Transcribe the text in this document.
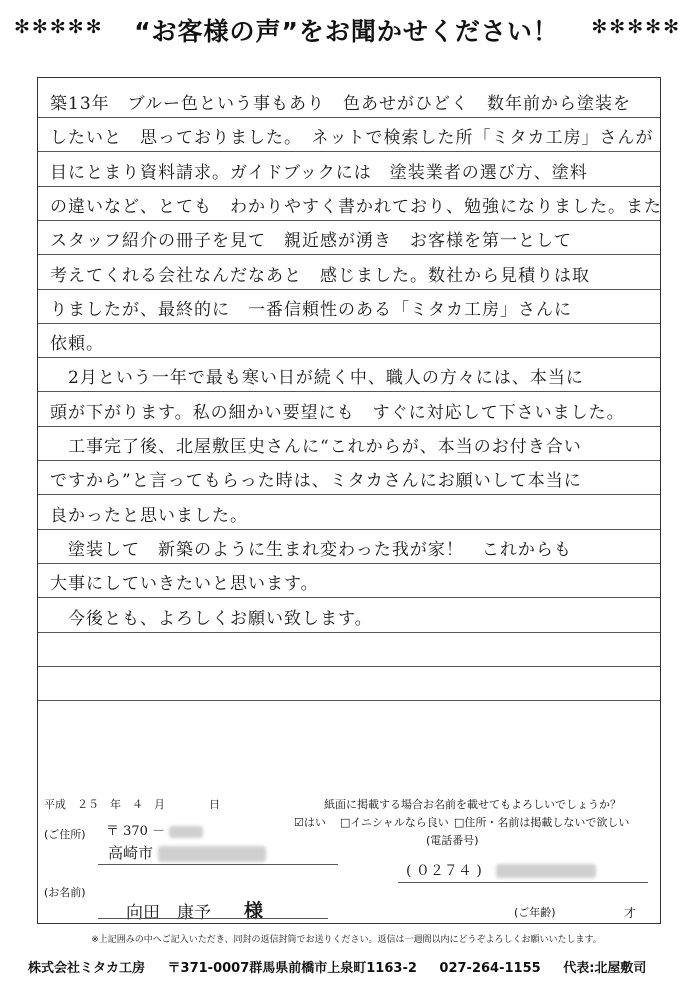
“お客様の声”をお聞かせください！
✻✻✻✻✻	✻✻✻✻✻
築13年　ブルー色という事もあり　色あせがひどく　数年前から塗装を
したいと　思っておりました。　ネットで検索した所「ミタカ工房」さんが
目にとまり資料請求。ガイドブックには　塗装業者の選び方、塗料
の違いなど、とても　わかりやすく書かれており、勉強になりました。また
スタッフ紹介の冊子を見て　親近感が湧き　お客様を第一として
考えてくれる会社なんだなあと　感じました。数社から見積りは取
りましたが、最終的に　一番信頼性のある「ミタカ工房」さんに
依頼。
　2月という一年で最も寒い日が続く中、職人の方々には、本当に
頭が下がります。私の細かい要望にも　すぐに対応して下さいました。
　工事完了後、北屋敷匡史さんに“これからが、本当のお付き合い
ですから”と言ってもらった時は、ミタカさんにお願いして本当に
良かったと思いました。
　塗装して　新築のように生まれ変わった我が家！　これからも
大事にしていきたいと思います。
　今後とも、よろしくお願い致します。
平成　２５　年　４　月　　　　日	紙面に掲載する場合お名前を載せてもよろしいでしょうか？
☑はい □イニシャルなら良い □住所・名前は掲載しないで欲しい
(電話番号)
(ご住所) 〒 370 －
高崎市
( ０２７４ )
(お名前)
向田　康予 様	(ご年齢)	才
※上記囲みの中へご記入いただき、同封の返信封筒でお送りください。返信は一週間以内にどうぞよろしくお願いいたします。
株式会社ミタカ工房 〒371-0007群馬県前橋市上泉町1163-2 027-264-1155 代表:北屋敷司
